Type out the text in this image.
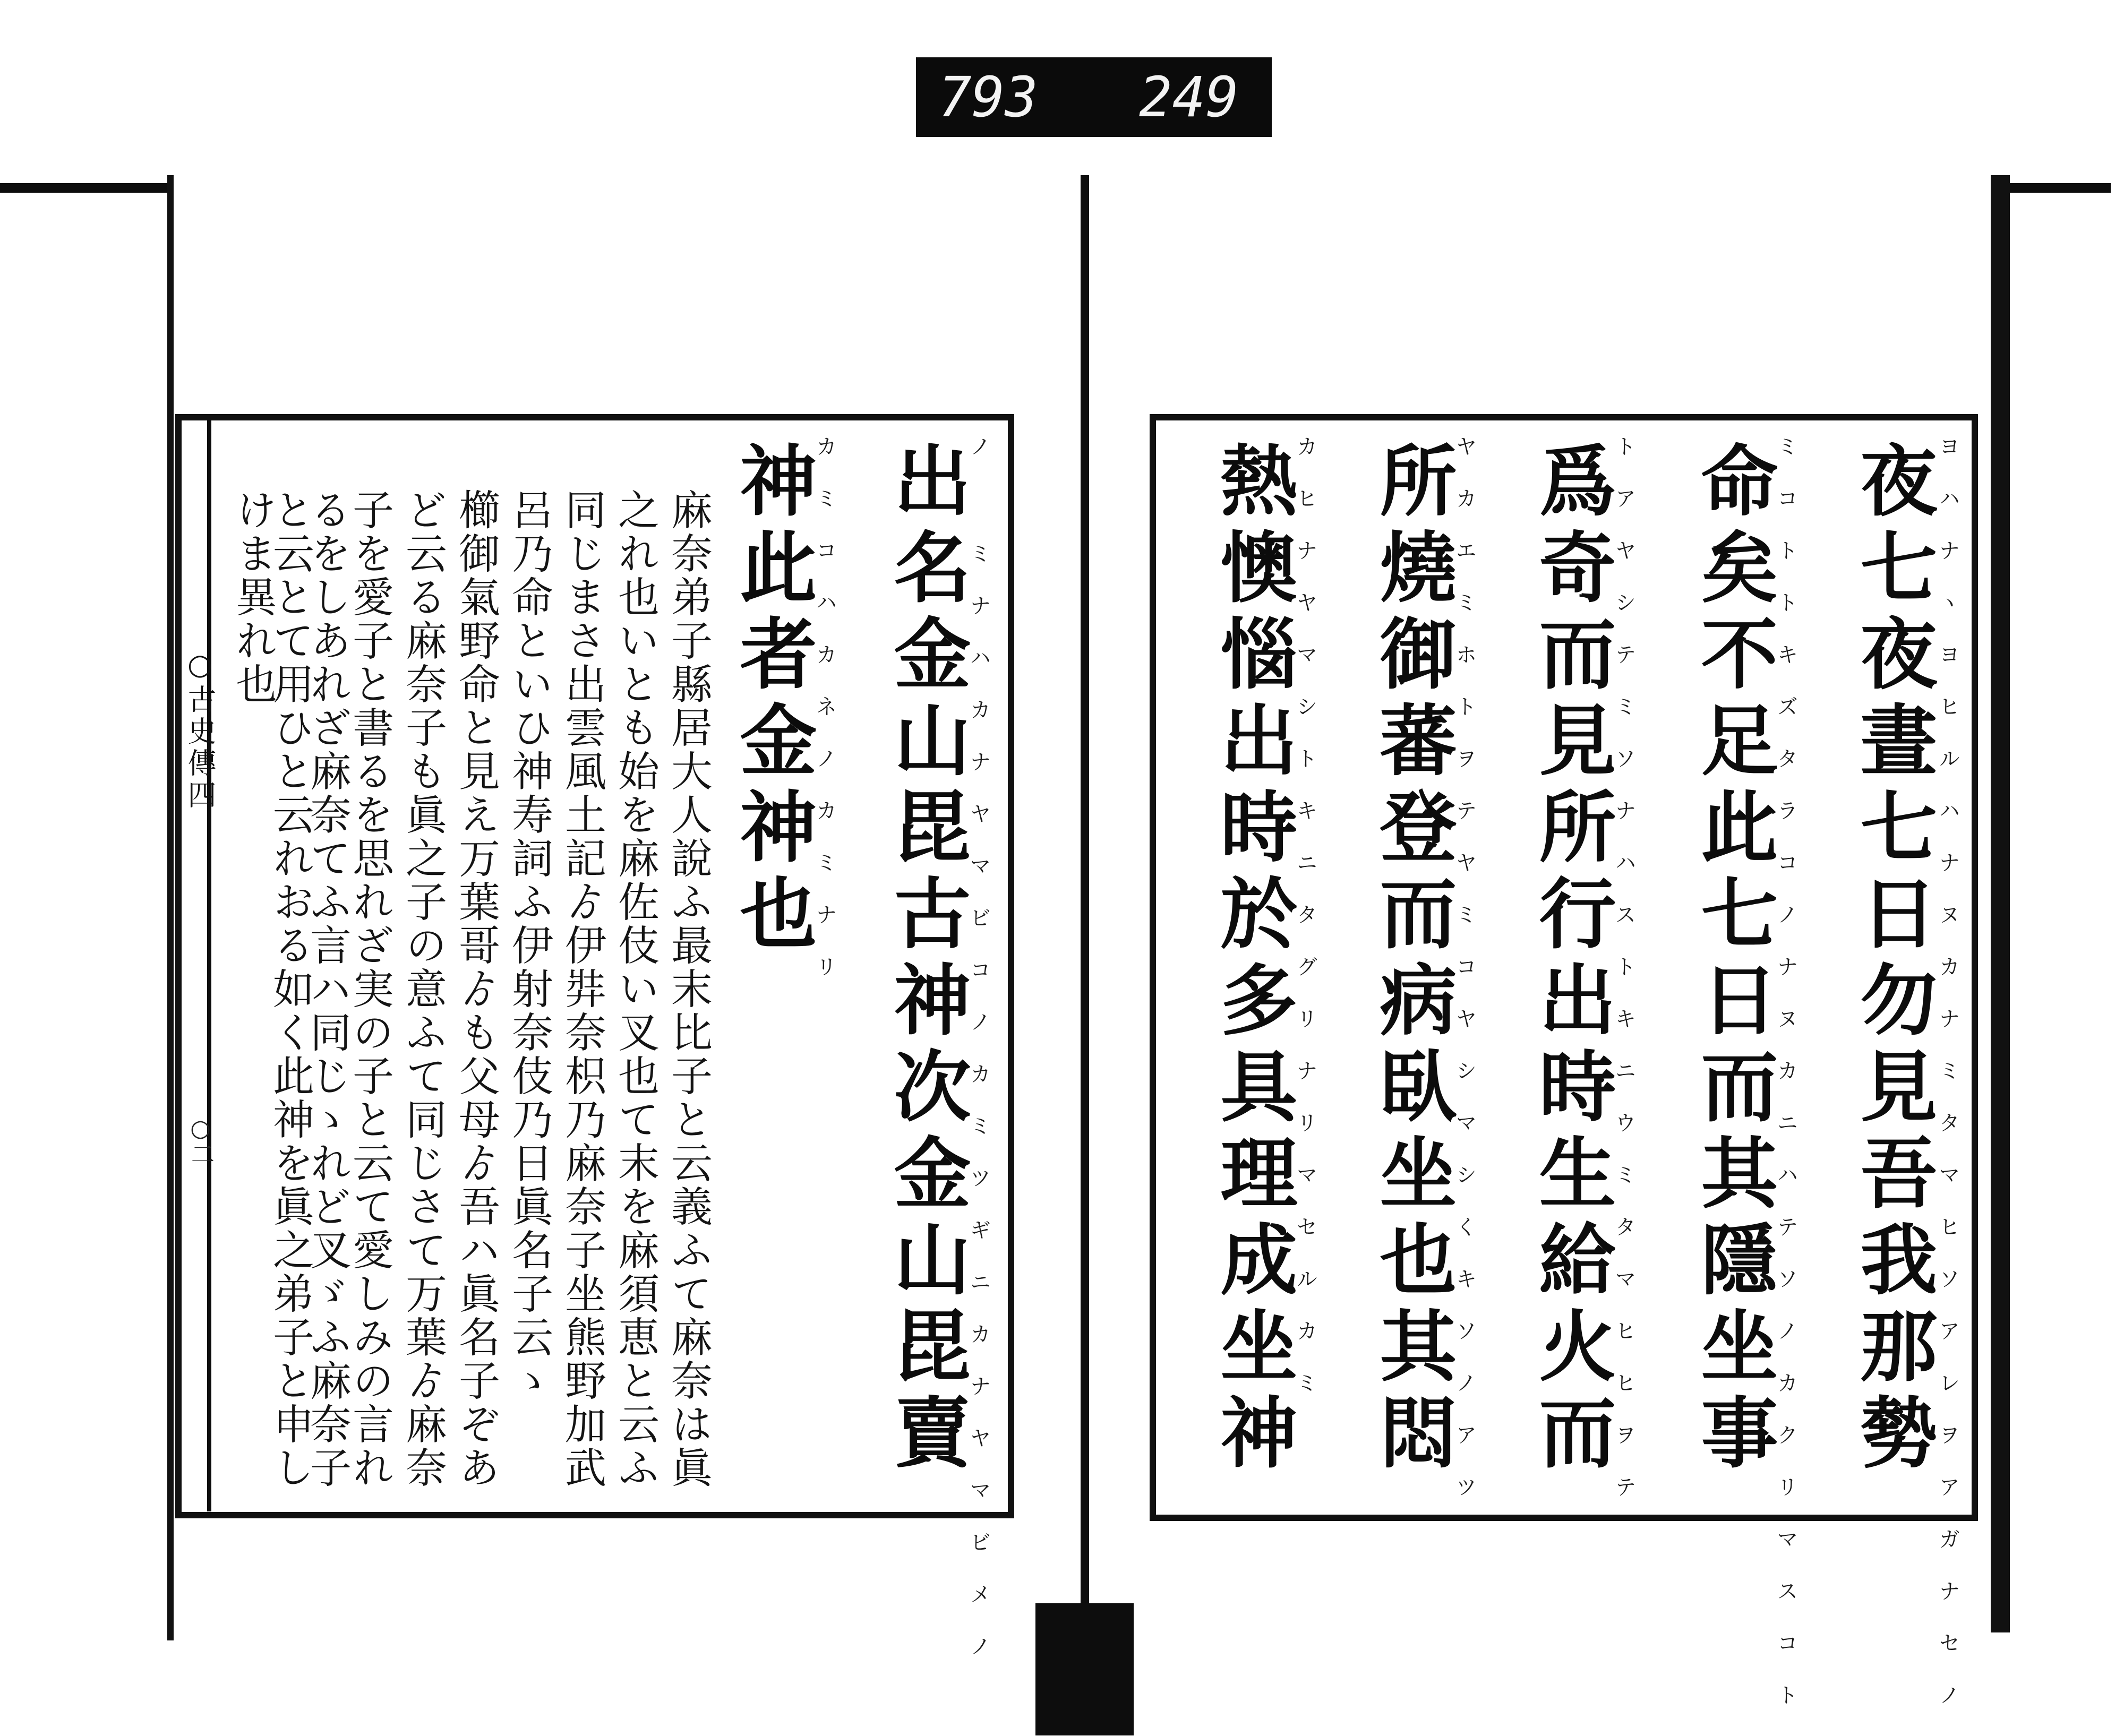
793 249

夜七夜晝七日勿見吾我那勢

ヨハナヽヨヒルハナヌカナミタマヒソアレヲアガナセノ

命矣不足此七日而其隱坐事

ミコトトキズタラコノナヌカニハテソノカクリマスコト

爲奇而見所行出時生給火而

トアヤシテミソナハストキニウミタマヒヒヲテ

所燒御蕃登而病臥坐也其悶

ヤカエミホトヲテヤミコヤシマシくキソノアツ

熱懊惱出時於多具理成坐神

カヒナヤマシトキニタグリナリマセルカミ

出名金山毘古神次金山毘賣

ノ ミナハカナヤマビコノカミツギニカナヤマビメノ

神此者金神也

カミコハカネノカミナリ

麻奈弟子縣居大人說ふ最末比子と云義ふて麻奈は眞

之れ也いとも始を麻佐伎い叉也て末を麻須恵と云ふ

同じまさ出雲風土記ゟ伊弉奈枳乃麻奈子坐熊野加武

呂乃命といひ神寿詞ふ伊射奈伎乃日眞名子云ゝ

櫛御氣野命と見え万葉哥ゟも父母ゟ吾ハ眞名子ぞあ

ど云る麻奈子も眞之子の意ふて同じさて万葉ゟ麻奈

子を愛子と書るを思れざ実の子と云て愛しみの言れ

るをしあれざ麻奈てふ言ハ同じゝれど叉ゞふ麻奈子

○古史傳四

○二 と云とて用ひと云れおる如く此神を眞之弟子と申し

けま異れ也
